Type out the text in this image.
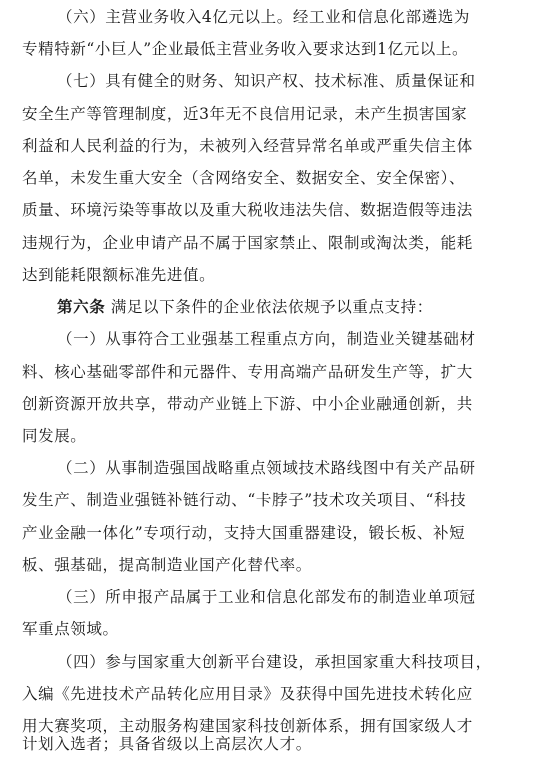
（六）主营业务收入4亿元以上。经工业和信息化部遴选为
专精特新“小巨人”企业最低主营业务收入要求达到1亿元以上。
（七）具有健全的财务、知识产权、技术标准、质量保证和
安全生产等管理制度，近3年无不良信用记录，未产生损害国家
利益和人民利益的行为，未被列入经营异常名单或严重失信主体
名单，未发生重大安全（含网络安全、数据安全、安全保密）、
质量、环境污染等事故以及重大税收违法失信、数据造假等违法
违规行为，企业申请产品不属于国家禁止、限制或淘汰类，能耗
达到能耗限额标准先进值。
第六条 满足以下条件的企业依法依规予以重点支持：
（一）从事符合工业强基工程重点方向，制造业关键基础材
料、核心基础零部件和元器件、专用高端产品研发生产等，扩大
创新资源开放共享，带动产业链上下游、中小企业融通创新，共
同发展。
（二）从事制造强国战略重点领域技术路线图中有关产品研
发生产、制造业强链补链行动、“卡脖子”技术攻关项目、“科技
产业金融一体化”专项行动，支持大国重器建设，锻长板、补短
板、强基础，提高制造业国产化替代率。
（三）所申报产品属于工业和信息化部发布的制造业单项冠
军重点领域。
（四）参与国家重大创新平台建设，承担国家重大科技项目，
入编《先进技术产品转化应用目录》及获得中国先进技术转化应
用大赛奖项，主动服务构建国家科技创新体系，拥有国家级人才
计划入选者；具备省级以上高层次人才。
